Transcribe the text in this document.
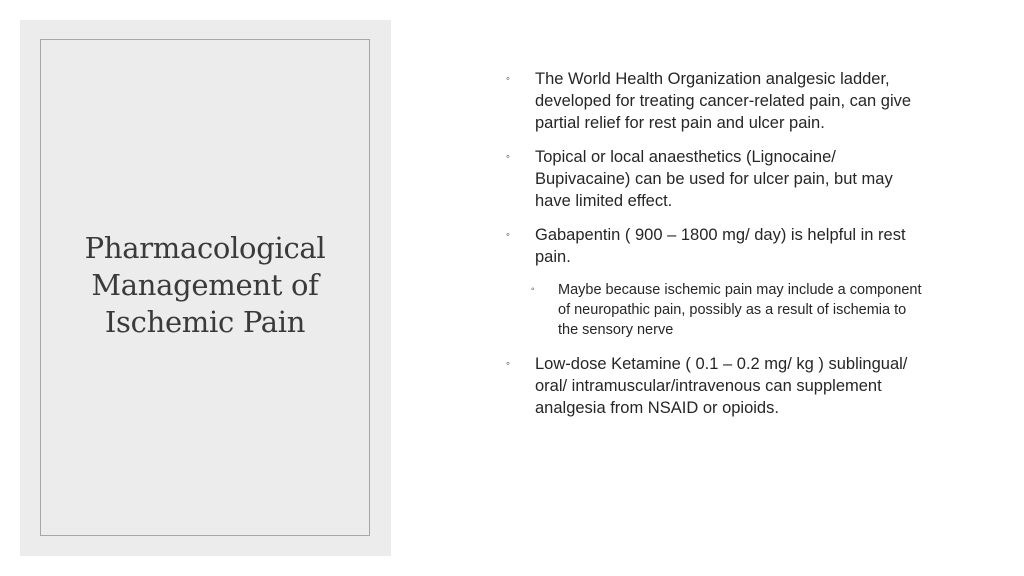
Pharmacological
Management of
Ischemic Pain
◦ The World Health Organization analgesic ladder, developed for treating cancer-related pain, can give partial relief for rest pain and ulcer pain.
◦ Topical or local anaesthetics (Lignocaine/ Bupivacaine) can be used for ulcer pain, but may have limited effect.
◦ Gabapentin ( 900 – 1800 mg/ day) is helpful in rest pain.
◦ Maybe because ischemic pain may include a component of neuropathic pain, possibly as a result of ischemia to the sensory nerve
◦ Low-dose Ketamine ( 0.1 – 0.2 mg/ kg ) sublingual/ oral/ intramuscular/intravenous can supplement analgesia from NSAID or opioids.
